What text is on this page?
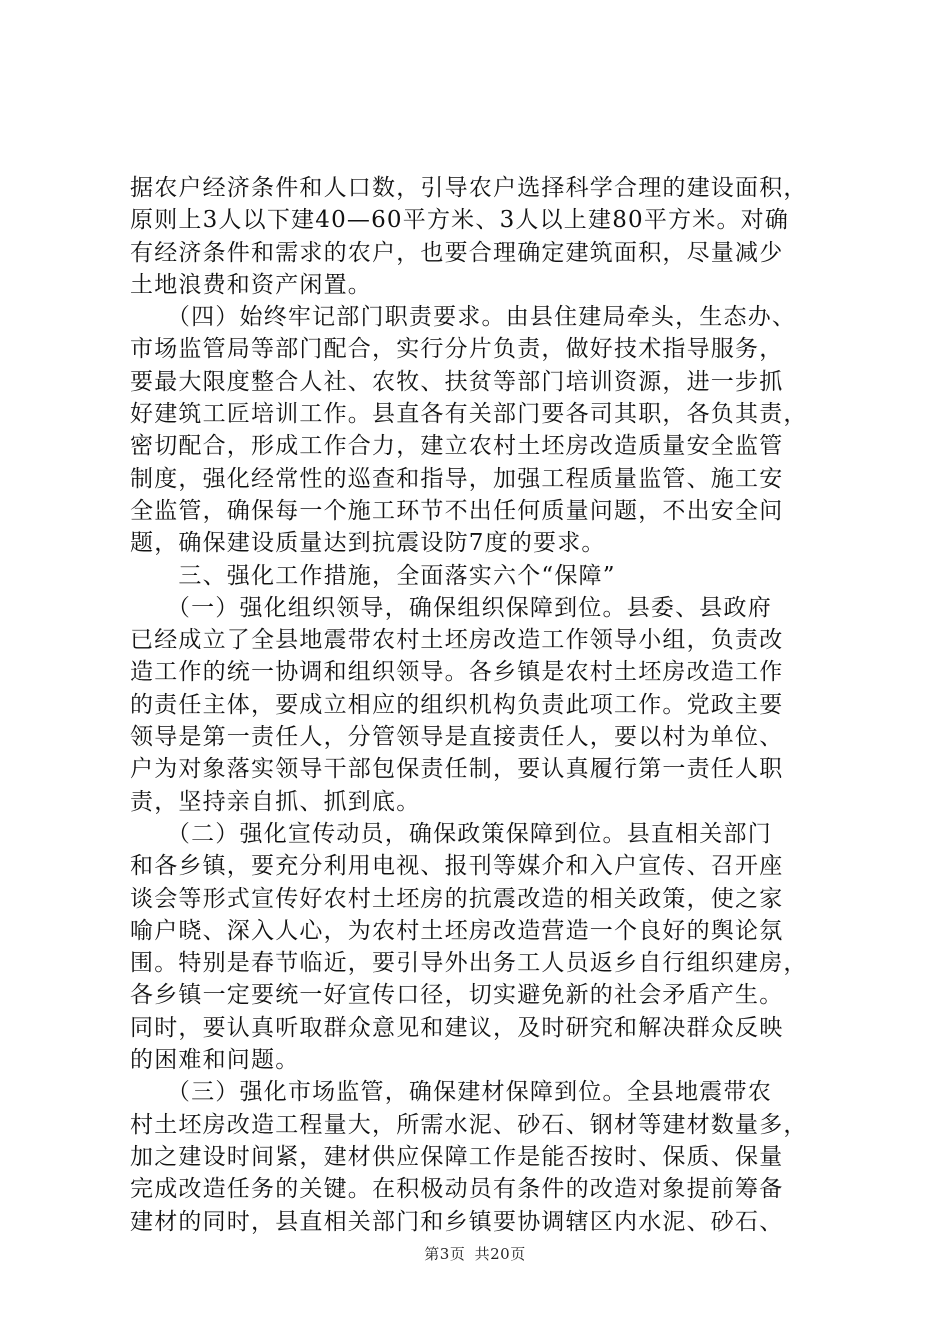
据农户经济条件和人口数，引导农户选择科学合理的建设面积，
原则上3人以下建40—60平方米、3人以上建80平方米。对确
有经济条件和需求的农户，也要合理确定建筑面积，尽量减少
土地浪费和资产闲置。
　　（四）始终牢记部门职责要求。由县住建局牵头，生态办、
市场监管局等部门配合，实行分片负责，做好技术指导服务，
要最大限度整合人社、农牧、扶贫等部门培训资源，进一步抓
好建筑工匠培训工作。县直各有关部门要各司其职，各负其责，
密切配合，形成工作合力，建立农村土坯房改造质量安全监管
制度，强化经常性的巡查和指导，加强工程质量监管、施工安
全监管，确保每一个施工环节不出任何质量问题，不出安全问
题，确保建设质量达到抗震设防7度的要求。
　　三、强化工作措施，全面落实六个“保障”
　　（一）强化组织领导，确保组织保障到位。县委、县政府
已经成立了全县地震带农村土坯房改造工作领导小组，负责改
造工作的统一协调和组织领导。各乡镇是农村土坯房改造工作
的责任主体，要成立相应的组织机构负责此项工作。党政主要
领导是第一责任人，分管领导是直接责任人，要以村为单位、
户为对象落实领导干部包保责任制，要认真履行第一责任人职
责，坚持亲自抓、抓到底。
　　（二）强化宣传动员，确保政策保障到位。县直相关部门
和各乡镇，要充分利用电视、报刊等媒介和入户宣传、召开座
谈会等形式宣传好农村土坯房的抗震改造的相关政策，使之家
喻户晓、深入人心，为农村土坯房改造营造一个良好的舆论氛
围。特别是春节临近，要引导外出务工人员返乡自行组织建房，
各乡镇一定要统一好宣传口径，切实避免新的社会矛盾产生。
同时，要认真听取群众意见和建议，及时研究和解决群众反映
的困难和问题。
　　（三）强化市场监管，确保建材保障到位。全县地震带农
村土坯房改造工程量大，所需水泥、砂石、钢材等建材数量多，
加之建设时间紧，建材供应保障工作是能否按时、保质、保量
完成改造任务的关键。在积极动员有条件的改造对象提前筹备
建材的同时，县直相关部门和乡镇要协调辖区内水泥、砂石、
第3页 共20页
